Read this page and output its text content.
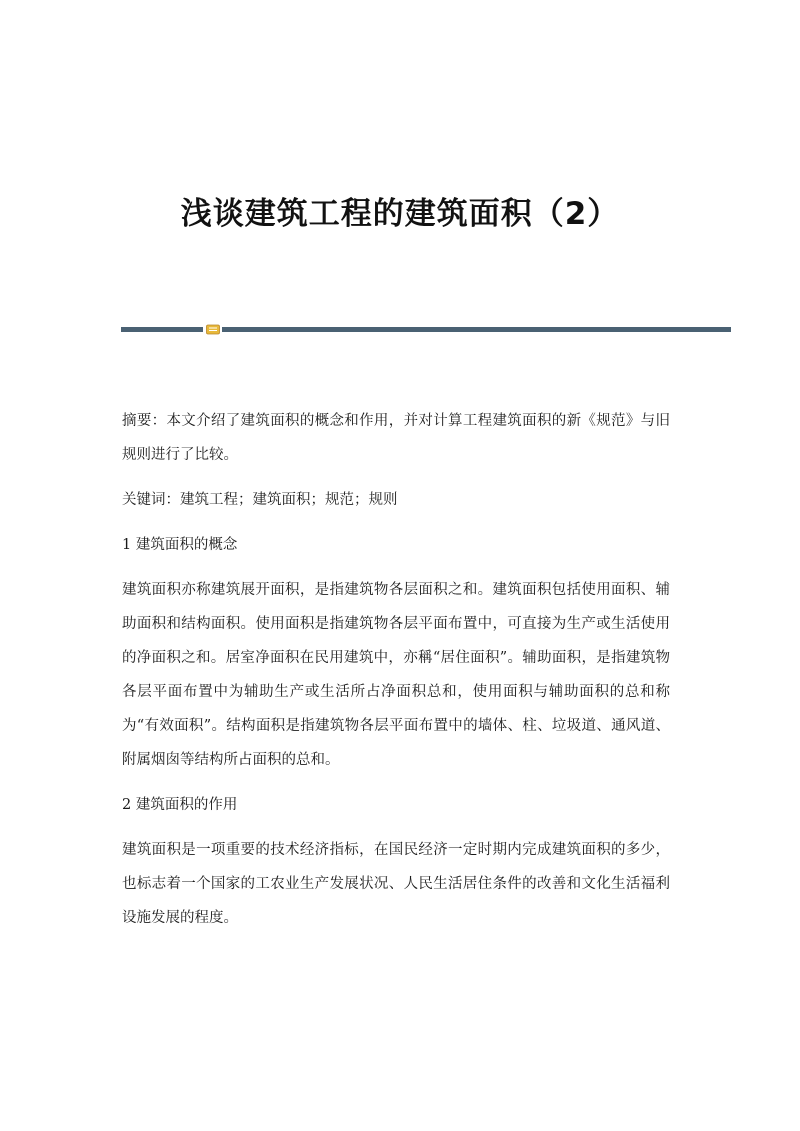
浅谈建筑工程的建筑面积（2）

摘要：本文介绍了建筑面积的概念和作用，并对计算工程建筑面积的新《规范》与旧规则进行了比较。

关键词：建筑工程；建筑面积；规范；规则

1 建筑面积的概念

建筑面积亦称建筑展开面积，是指建筑物各层面积之和。建筑面积包括使用面积、辅助面积和结构面积。使用面积是指建筑物各层平面布置中，可直接为生产或生活使用的净面积之和。居室净面积在民用建筑中，亦稱“居住面积”。辅助面积，是指建筑物各层平面布置中为辅助生产或生活所占净面积总和，使用面积与辅助面积的总和称为“有效面积”。结构面积是指建筑物各层平面布置中的墙体、柱、垃圾道、通风道、附属烟囱等结构所占面积的总和。

2 建筑面积的作用

建筑面积是一项重要的技术经济指标，在国民经济一定时期内完成建筑面积的多少，也标志着一个国家的工农业生产发展状况、人民生活居住条件的改善和文化生活福利设施发展的程度。
